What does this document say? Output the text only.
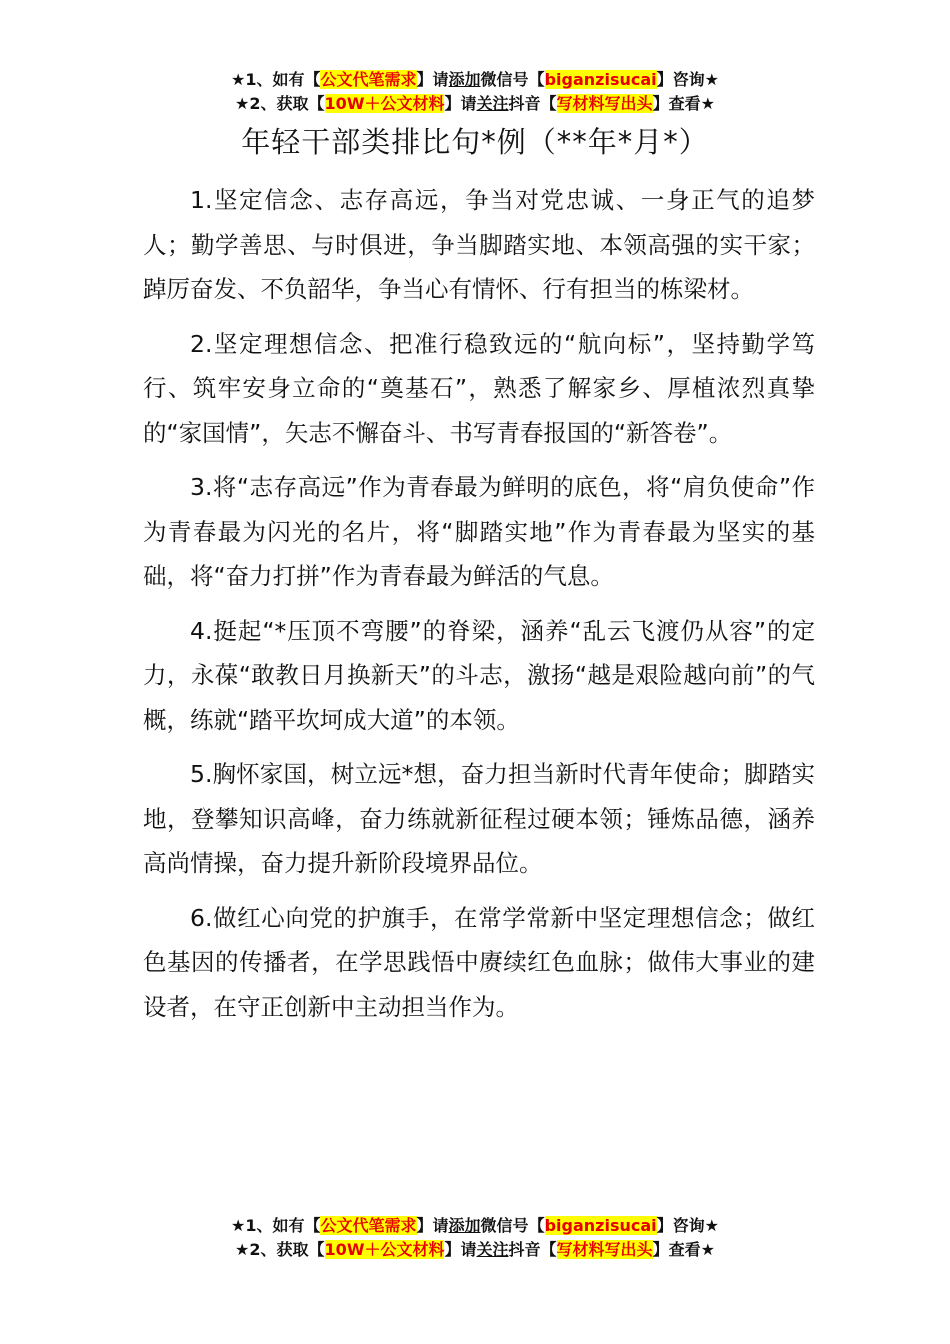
★1、如有【公文代笔需求】请添加微信号【biganzisucai】咨询★
★2、获取【10W＋公文材料】请关注抖音【写材料写出头】查看★
年轻干部类排比句*例（**年*月*）

1.坚定信念、志存高远，争当对党忠诚、一身正气的追梦人；勤学善思、与时俱进，争当脚踏实地、本领高强的实干家；踔厉奋发、不负韶华，争当心有情怀、行有担当的栋梁材。

2.坚定理想信念、把准行稳致远的“航向标”，坚持勤学笃行、筑牢安身立命的“奠基石”，熟悉了解家乡、厚植浓烈真挚的“家国情”，矢志不懈奋斗、书写青春报国的“新答卷”。

3.将“志存高远”作为青春最为鲜明的底色，将“肩负使命”作为青春最为闪光的名片，将“脚踏实地”作为青春最为坚实的基础，将“奋力打拼”作为青春最为鲜活的气息。

4.挺起“*压顶不弯腰”的脊梁，涵养“乱云飞渡仍从容”的定力，永葆“敢教日月换新天”的斗志，激扬“越是艰险越向前”的气概，练就“踏平坎坷成大道”的本领。

5.胸怀家国，树立远*想，奋力担当新时代青年使命；脚踏实地，登攀知识高峰，奋力练就新征程过硬本领；锤炼品德，涵养高尚情操，奋力提升新阶段境界品位。

6.做红心向党的护旗手，在常学常新中坚定理想信念；做红色基因的传播者，在学思践悟中赓续红色血脉；做伟大事业的建设者，在守正创新中主动担当作为。

★1、如有【公文代笔需求】请添加微信号【biganzisucai】咨询★
★2、获取【10W＋公文材料】请关注抖音【写材料写出头】查看★
